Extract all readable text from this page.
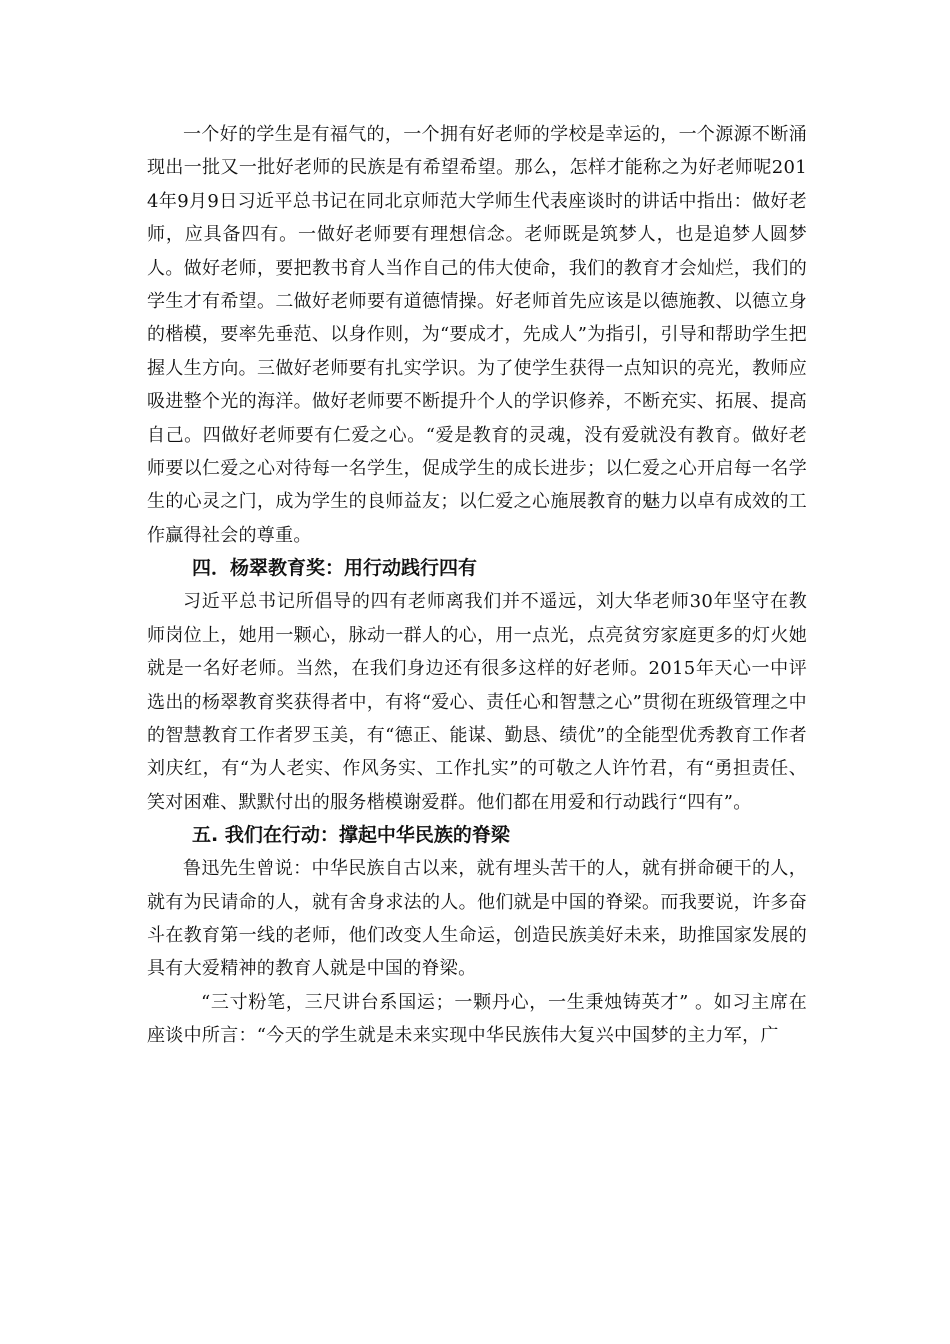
一个好的学生是有福气的，一个拥有好老师的学校是幸运的，一个源源不断涌现出一批又一批好老师的民族是有希望希望。那么，怎样才能称之为好老师呢2014年9月9日习近平总书记在同北京师范大学师生代表座谈时的讲话中指出：做好老师，应具备四有。一做好老师要有理想信念。老师既是筑梦人，也是追梦人圆梦人。做好老师，要把教书育人当作自己的伟大使命，我们的教育才会灿烂，我们的学生才有希望。二做好老师要有道德情操。好老师首先应该是以德施教、以德立身的楷模，要率先垂范、以身作则，为“要成才，先成人”为指引，引导和帮助学生把握人生方向。三做好老师要有扎实学识。为了使学生获得一点知识的亮光，教师应吸进整个光的海洋。做好老师要不断提升个人的学识修养，不断充实、拓展、提高自己。四做好老师要有仁爱之心。“爱是教育的灵魂，没有爱就没有教育。做好老师要以仁爱之心对待每一名学生，促成学生的成长进步；以仁爱之心开启每一名学生的心灵之门，成为学生的良师益友；以仁爱之心施展教育的魅力以卓有成效的工作赢得社会的尊重。

四．杨翠教育奖：用行动践行四有

习近平总书记所倡导的四有老师离我们并不遥远，刘大华老师30年坚守在教师岗位上，她用一颗心，脉动一群人的心，用一点光，点亮贫穷家庭更多的灯火她就是一名好老师。当然，在我们身边还有很多这样的好老师。2015年天心一中评选出的杨翠教育奖获得者中，有将“爱心、责任心和智慧之心”贯彻在班级管理之中的智慧教育工作者罗玉美，有“德正、能谋、勤恳、绩优”的全能型优秀教育工作者刘庆红，有“为人老实、作风务实、工作扎实”的可敬之人许竹君，有“勇担责任、笑对困难、默默付出的服务楷模谢爱群。他们都在用爱和行动践行“四有”。

五. 我们在行动：撑起中华民族的脊梁

鲁迅先生曾说：中华民族自古以来，就有埋头苦干的人，就有拼命硬干的人，就有为民请命的人，就有舍身求法的人。他们就是中国的脊梁。而我要说，许多奋斗在教育第一线的老师，他们改变人生命运，创造民族美好未来，助推国家发展的具有大爱精神的教育人就是中国的脊梁。

“三寸粉笔，三尺讲台系国运；一颗丹心，一生秉烛铸英才” 。如习主席在座谈中所言：“今天的学生就是未来实现中华民族伟大复兴中国梦的主力军，广
